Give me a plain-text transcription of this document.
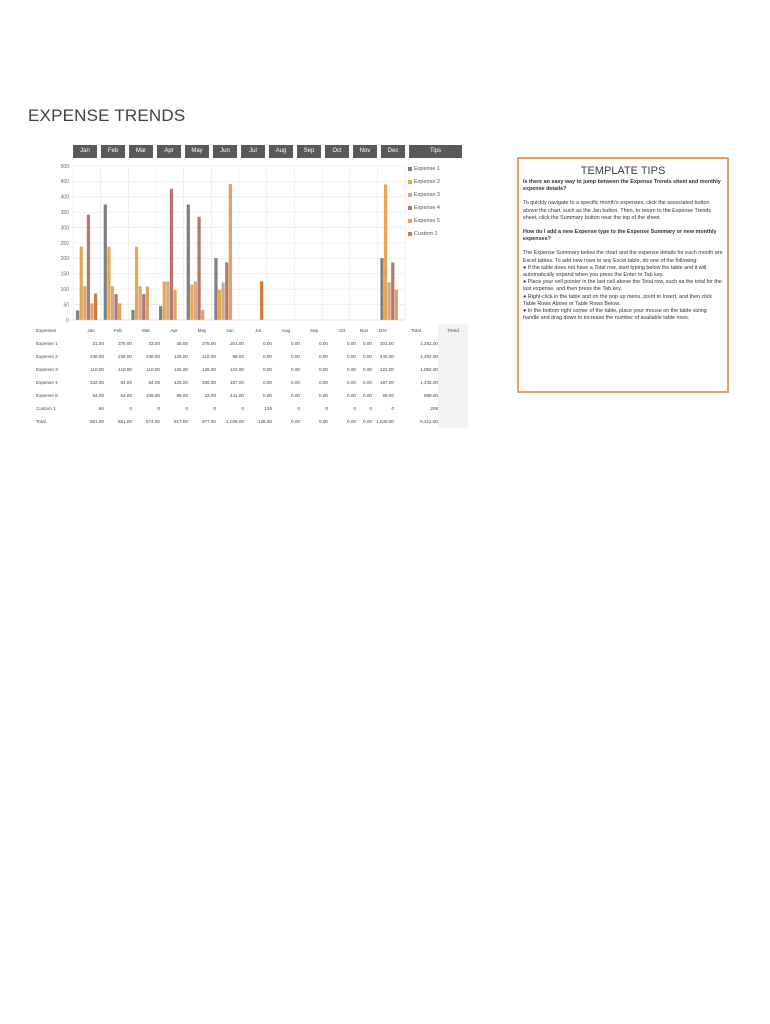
EXPENSE TRENDS
Jan	Feb	Mar	Apr	May	Jun	Jul	Aug	Sep	Oct	Nov	Dec	Tips
0
50
100
150
200
250
300
350
400
450
500	Expense 1
Expense 2
Expense 3
Expense 4
Expense 5
Custom 1
Expenses	Jan	Feb	Mar	Apr	May	Jun	Jul	Aug	Sep	Oct	Nov	Dec	Total	Trend
Expense 1	31.00	375.00	33.00	45.00	375.00	201.00	0.00	0.00	0.00	0.00	0.00	201.00	1,261.00	
Expense 2	238.00	238.00	238.00	125.00	115.00	98.00	0.00	0.00	0.00	0.00	0.00	440.00	1,492.00	
Expense 3	110.00	110.00	110.00	125.00	125.00	122.00	0.00	0.00	0.00	0.00	0.00	122.00	1,052.00	
Expense 4	342.00	84.00	84.00	426.00	335.00	187.00	0.00	0.00	0.00	0.00	0.00	187.00	1,435.00	
Expense 5	54.00	54.00	109.00	98.00	33.00	441.00	0.00	0.00	0.00	0.00	0.00	98.00	888.00	
Custom 1	86	0	0	0	0	0	126	0	0	0	0	0	208	
Total	861.00	861.00	574.00	817.00	977.00	1,049.00	126.00	0.00	0.00	0.00	0.00	1,049.00	6,312.00	
TEMPLATE TIPS

Is there an easy way to jump between the Expense Trends sheet and monthly expense details?

To quickly navigate to a specific month's expenses, click the associated button above the chart, such as the Jan button. Then, to return to the Expense Trends sheet, click the Summary button near the top of the sheet.

How do I add a new Expense type to the Expense Summary or new monthly expenses?

The Expense Summary below the chart and the expense details for each month are Excel tables. To add new rows to any Excel table, do one of the following:

● If the table does not have a Total row, start typing below the table and it will automatically expand when you press the Enter or Tab key.

● Place your cell pointer in the last cell above the Total row, such as the total for the last expense, and then press the Tab key.

● Right-click in the table and on the pop up menu, point to Insert, and then click Table Rows Above or Table Rows Below.

● In the bottom right corner of the table, place your mouse on the table sizing handle and drag down to increase the number of available table rows.
